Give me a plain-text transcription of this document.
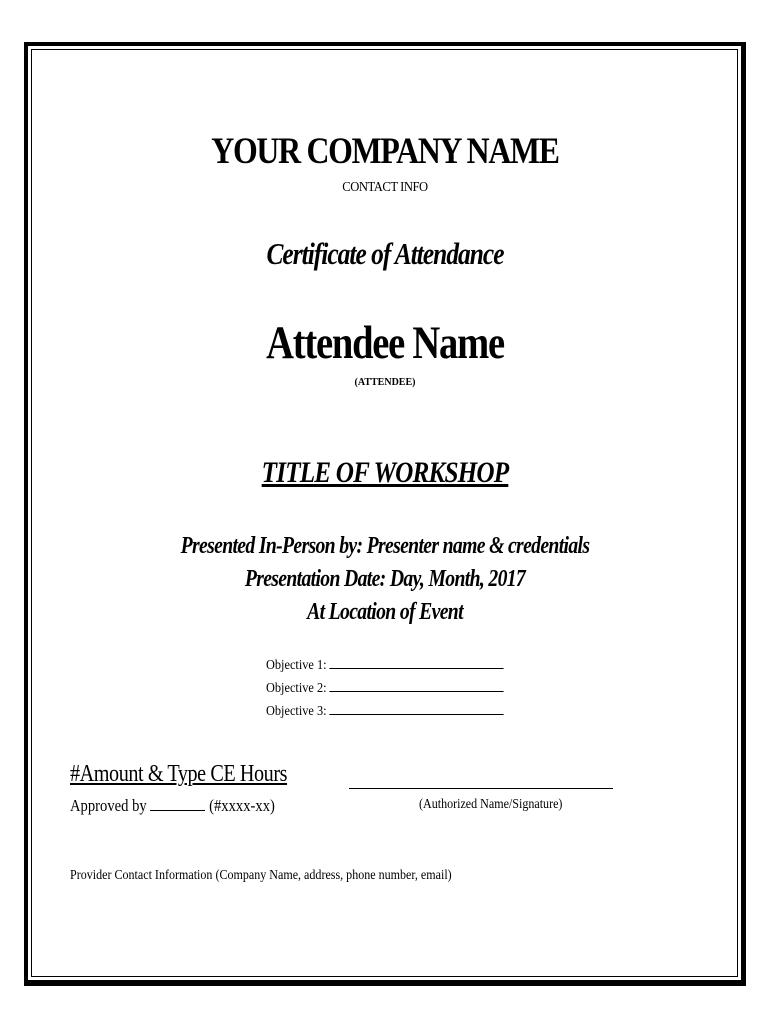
YOUR COMPANY NAME
CONTACT INFO
Certificate of Attendance
Attendee Name
(ATTENDEE)
TITLE OF WORKSHOP
Presented In-Person by: Presenter name & credentials
Presentation Date: Day, Month, 2017
At Location of Event
Objective 1:
Objective 2:
Objective 3:
#Amount & Type CE Hours
Approved by	(#xxxx-xx)	(Authorized Name/Signature)
Provider Contact Information (Company Name, address, phone number, email)
